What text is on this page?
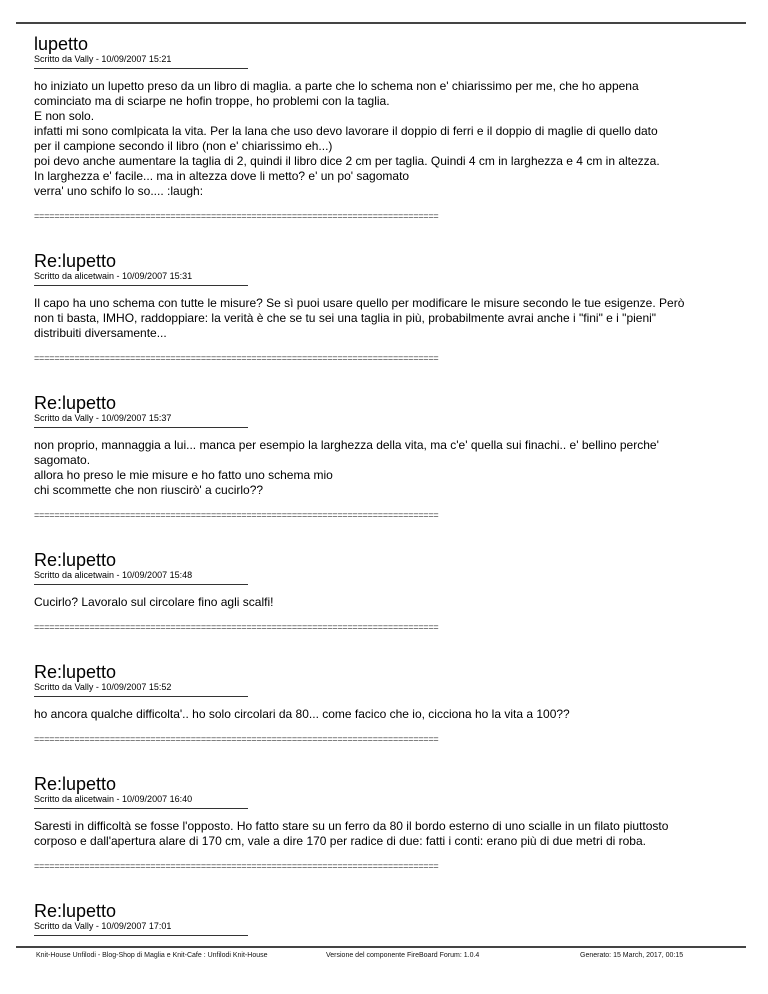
lupetto
Scritto da Vally - 10/09/2007 15:21
ho iniziato un lupetto preso da un libro di maglia. a parte che lo schema non e' chiarissimo per me, che ho appena
cominciato ma di sciarpe ne hofin troppe, ho problemi con la taglia.
E non solo.
infatti mi sono comlpicata la vita. Per la lana che uso devo lavorare il doppio di ferri e il doppio di maglie di quello dato
per il campione secondo il libro (non e' chiarissimo eh...)
poi devo anche aumentare la taglia di 2, quindi il libro dice 2 cm per taglia. Quindi 4 cm in larghezza e 4 cm in altezza.
In larghezza e' facile... ma in altezza dove li metto? e' un po' sagomato
verra' uno schifo lo so.... :laugh:
================================================================================
Re:lupetto
Scritto da alicetwain - 10/09/2007 15:31
Il capo ha uno schema con tutte le misure? Se sì puoi usare quello per modificare le misure secondo le tue esigenze. Però
non ti basta, IMHO, raddoppiare: la verità è che se tu sei una taglia in più, probabilmente avrai anche i "fini" e i "pieni"
distribuiti diversamente...
================================================================================
Re:lupetto
Scritto da Vally - 10/09/2007 15:37
non proprio, mannaggia a lui... manca per esempio la larghezza della vita, ma c'e' quella sui finachi.. e' bellino perche'
sagomato.
allora ho preso le mie misure e ho fatto uno schema mio
chi scommette che non riuscirò' a cucirlo??
================================================================================
Re:lupetto
Scritto da alicetwain - 10/09/2007 15:48
Cucirlo? Lavoralo sul circolare fino agli scalfi!
================================================================================
Re:lupetto
Scritto da Vally - 10/09/2007 15:52
ho ancora qualche difficolta'.. ho solo circolari da 80... come facico che io, cicciona ho la vita a 100??
================================================================================
Re:lupetto
Scritto da alicetwain - 10/09/2007 16:40
Saresti in difficoltà se fosse l'opposto. Ho fatto stare su un ferro da 80 il bordo esterno di uno scialle in un filato piuttosto
corposo e dall'apertura alare di 170 cm, vale a dire 170 per radice di due: fatti i conti: erano più di due metri di roba.
================================================================================
Re:lupetto
Scritto da Vally - 10/09/2007 17:01
Knit-House Unfilodi - Blog-Shop di Maglia e Knit-Cafe : Unfilodi Knit-House	Versione del componente FireBoard Forum: 1.0.4	Generato: 15 March, 2017, 00:15
